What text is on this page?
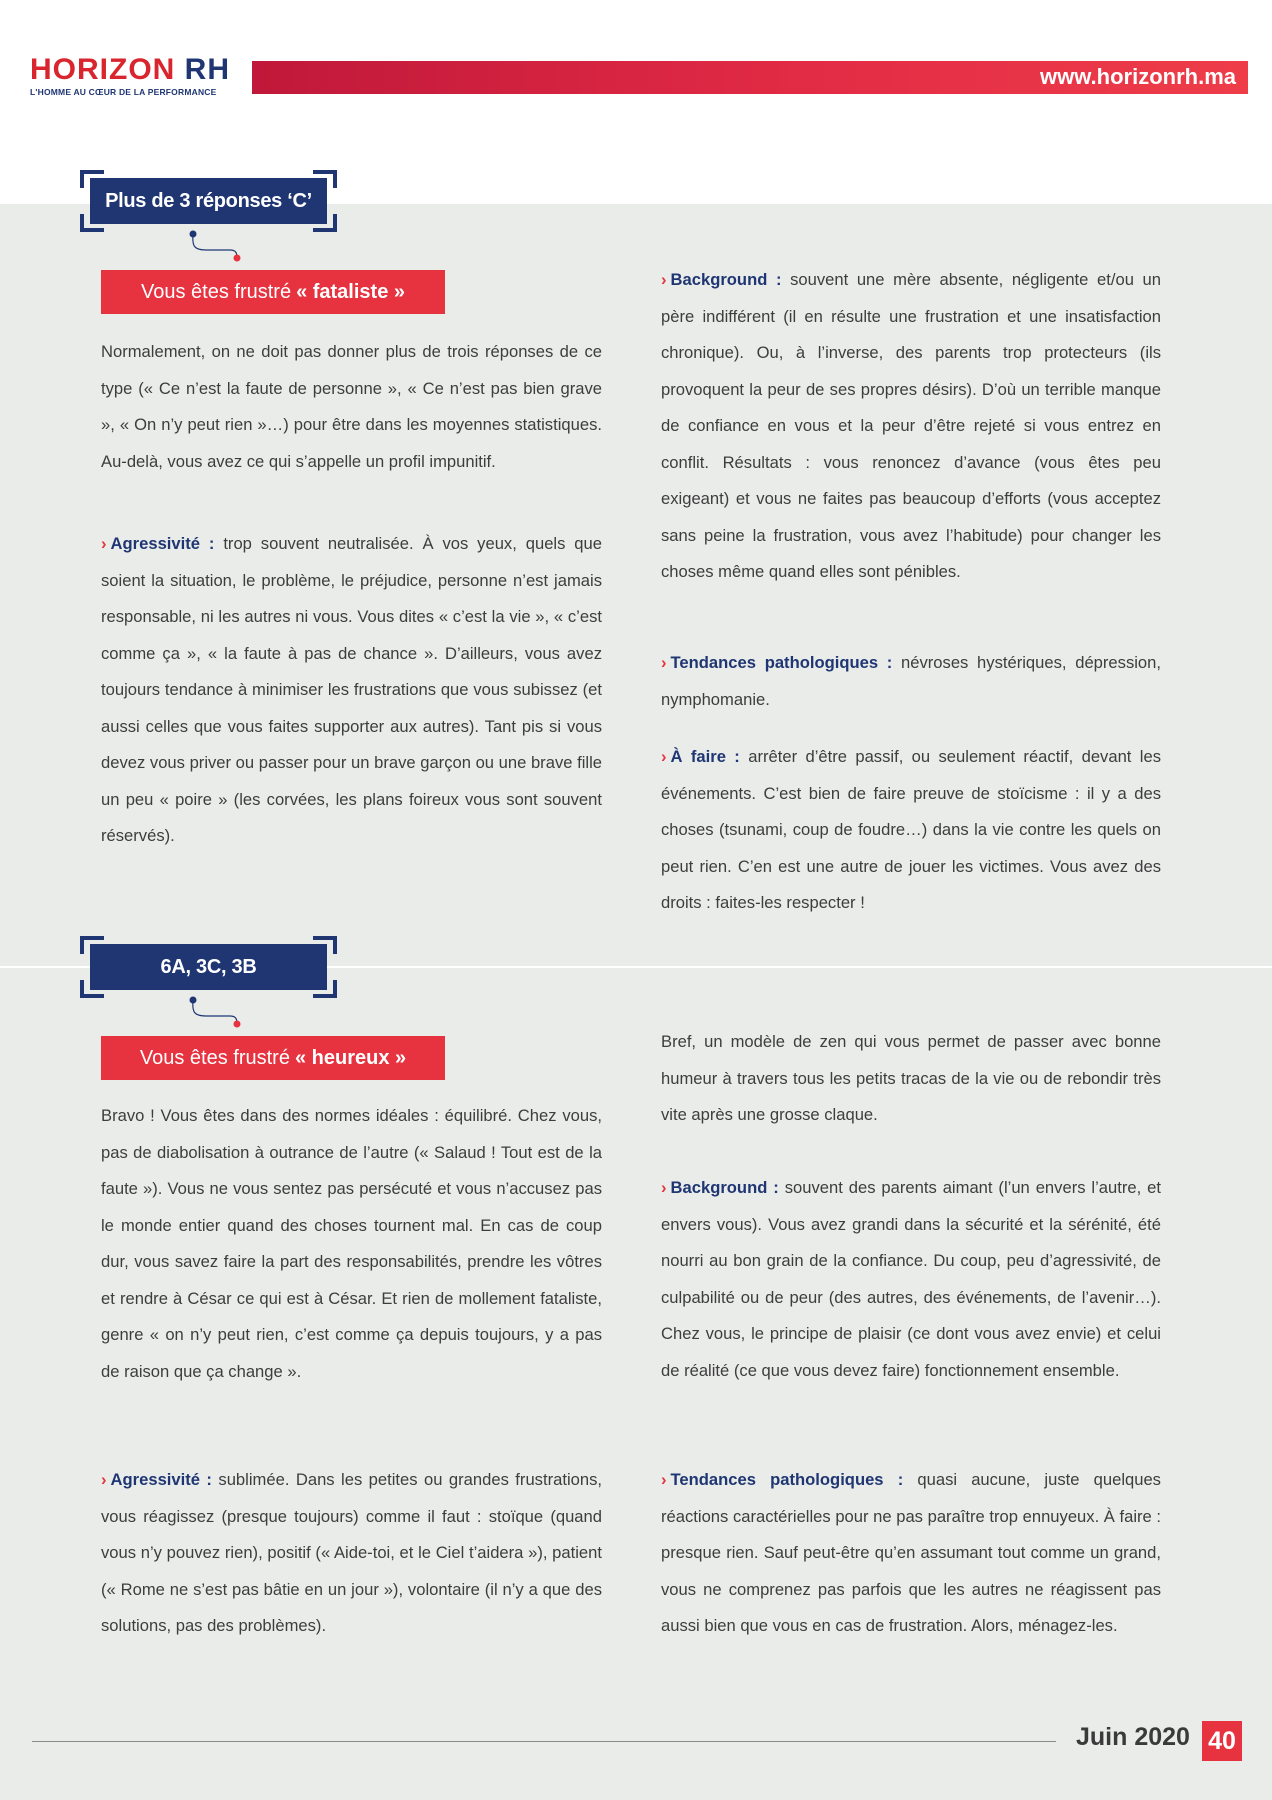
HORIZON RH
L'HOMME AU CŒUR DE LA PERFORMANCE
www.horizonrh.ma
Plus de 3 réponses ‘C’
Vous êtes frustré « fataliste »

Normalement, on ne doit pas donner plus de trois réponses de ce type (« Ce n’est la faute de personne », « Ce n’est pas bien grave », « On n’y peut rien »…) pour être dans les moyennes statistiques. Au-delà, vous avez ce qui s’appelle un profil impunitif.

› Agressivité : trop souvent neutralisée. À vos yeux, quels que soient la situation, le problème, le préjudice, personne n’est jamais responsable, ni les autres ni vous. Vous dites « c’est la vie », « c’est comme ça », « la faute à pas de chance ». D’ailleurs, vous avez toujours tendance à minimiser les frustrations que vous subissez (et aussi celles que vous faites supporter aux autres). Tant pis si vous devez vous priver ou passer pour un brave garçon ou une brave fille un peu « poire » (les corvées, les plans foireux vous sont souvent réservés).

› Background : souvent une mère absente, négligente et/ou un père indifférent (il en résulte une frustration et une insatisfaction chronique). Ou, à l’inverse, des parents trop protecteurs (ils provoquent la peur de ses propres désirs). D’où un terrible manque de confiance en vous et la peur d’être rejeté si vous entrez en conflit. Résultats : vous renoncez d’avance (vous êtes peu exigeant) et vous ne faites pas beaucoup d’efforts (vous acceptez sans peine la frustration, vous avez l’habitude) pour changer les choses même quand elles sont pénibles.

› Tendances pathologiques : névroses hystériques, dépression, nymphomanie.

› À faire : arrêter d’être passif, ou seulement réactif, devant les événements. C’est bien de faire preuve de stoïcisme : il y a des choses (tsunami, coup de foudre…) dans la vie contre les quels on peut rien. C’en est une autre de jouer les victimes. Vous avez des droits : faites-les respecter !

6A, 3C, 3B
Vous êtes frustré « heureux »

Bravo ! Vous êtes dans des normes idéales : équilibré. Chez vous, pas de diabolisation à outrance de l’autre (« Salaud ! Tout est de la faute »). Vous ne vous sentez pas persécuté et vous n’accusez pas le monde entier quand des choses tournent mal. En cas de coup dur, vous savez faire la part des responsabilités, prendre les vôtres et rendre à César ce qui est à César. Et rien de mollement fataliste, genre « on n’y peut rien, c’est comme ça depuis toujours, y a pas de raison que ça change ».

› Agressivité : sublimée. Dans les petites ou grandes frustrations, vous réagissez (presque toujours) comme il faut : stoïque (quand vous n’y pouvez rien), positif (« Aide-toi, et le Ciel t’aidera »), patient (« Rome ne s’est pas bâtie en un jour »), volontaire (il n’y a que des solutions, pas des problèmes).

Bref, un modèle de zen qui vous permet de passer avec bonne humeur à travers tous les petits tracas de la vie ou de rebondir très vite après une grosse claque.

› Background : souvent des parents aimant (l’un envers l’autre, et envers vous). Vous avez grandi dans la sécurité et la sérénité, été nourri au bon grain de la confiance. Du coup, peu d’agressivité, de culpabilité ou de peur (des autres, des événements, de l’avenir…). Chez vous, le principe de plaisir (ce dont vous avez envie) et celui de réalité (ce que vous devez faire) fonctionnement ensemble.

› Tendances pathologiques : quasi aucune, juste quelques réactions caractérielles pour ne pas paraître trop ennuyeux. À faire : presque rien. Sauf peut-être qu’en assumant tout comme un grand, vous ne comprenez pas parfois que les autres ne réagissent pas aussi bien que vous en cas de frustration. Alors, ménagez-les.

Juin 2020 40
